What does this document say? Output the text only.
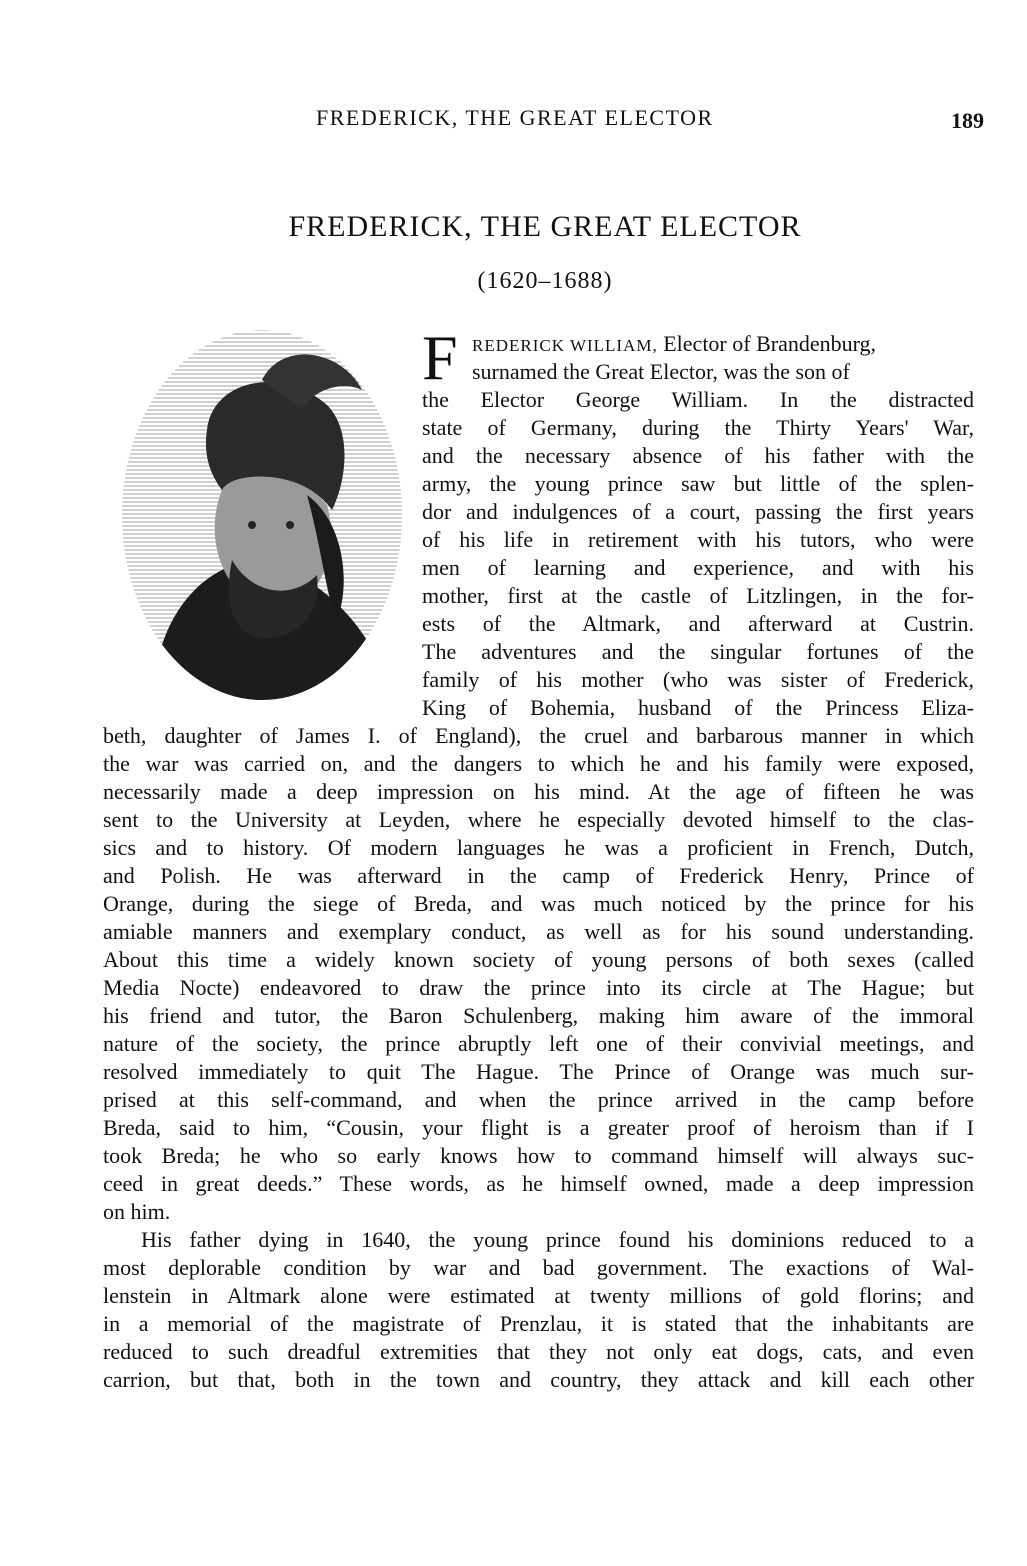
FREDERICK, THE GREAT ELECTOR	189
FREDERICK, THE GREAT ELECTOR
(1620–1688)
F REDERICK WILLIAM, Elector of Brandenburg,
surnamed the Great Elector, was the son of
the Elector George William. In the distracted
state of Germany, during the Thirty Years' War,
and the necessary absence of his father with the
army, the young prince saw but little of the splen-
dor and indulgences of a court, passing the first years
of his life in retirement with his tutors, who were
men of learning and experience, and with his
mother, first at the castle of Litzlingen, in the for-
ests of the Altmark, and afterward at Custrin.
The adventures and the singular fortunes of the
family of his mother (who was sister of Frederick,
King of Bohemia, husband of the Princess Eliza-
beth, daughter of James I. of England), the cruel and barbarous manner in which
the war was carried on, and the dangers to which he and his family were exposed,
necessarily made a deep impression on his mind. At the age of fifteen he was
sent to the University at Leyden, where he especially devoted himself to the clas-
sics and to history. Of modern languages he was a proficient in French, Dutch,
and Polish. He was afterward in the camp of Frederick Henry, Prince of
Orange, during the siege of Breda, and was much noticed by the prince for his
amiable manners and exemplary conduct, as well as for his sound understanding.
About this time a widely known society of young persons of both sexes (called
Media Nocte) endeavored to draw the prince into its circle at The Hague; but
his friend and tutor, the Baron Schulenberg, making him aware of the immoral
nature of the society, the prince abruptly left one of their convivial meetings, and
resolved immediately to quit The Hague. The Prince of Orange was much sur-
prised at this self-command, and when the prince arrived in the camp before
Breda, said to him, “Cousin, your flight is a greater proof of heroism than if I
took Breda; he who so early knows how to command himself will always suc-
ceed in great deeds.” These words, as he himself owned, made a deep impression
on him.
His father dying in 1640, the young prince found his dominions reduced to a
most deplorable condition by war and bad government. The exactions of Wal-
lenstein in Altmark alone were estimated at twenty millions of gold florins; and
in a memorial of the magistrate of Prenzlau, it is stated that the inhabitants are
reduced to such dreadful extremities that they not only eat dogs, cats, and even
carrion, but that, both in the town and country, they attack and kill each other
